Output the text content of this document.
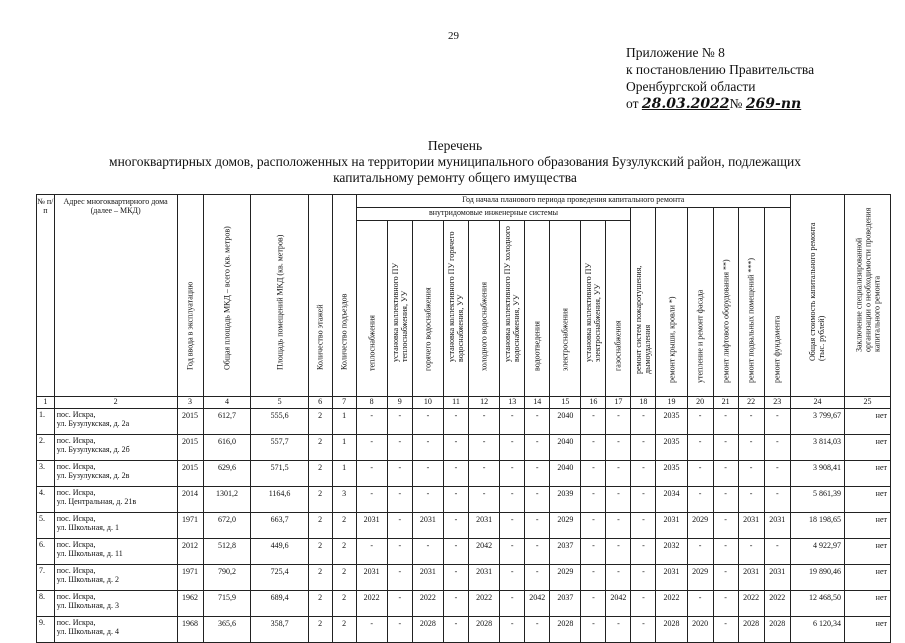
29
Приложение № 8
к постановлению Правительства
Оренбургской области
от 28.03.2022№ 269-пп
Перечень
многоквартирных домов, расположенных на территории муниципального образования Бузулукский район, подлежащих
капитальному ремонту общего имущества
№ п/п	Адрес многоквартирного дома (далее – МКД)	Год ввода в эксплуатацию	Общая площадь МКД – всего (кв. метров)	Площадь помещений МКД (кв. метров)	Количество этажей	Количество подъездов	Год начала планового периода проведения капитального ремонта																Общая стоимость капитального ремонта (тыс. рублей)	Заключение специализированной организации о необходимости проведения капитального ремонта

							внутридомовые инженерные системы										ремонт систем пожаротушения, дымоудаления	ремонт крыши, кровли *)	утепление и ремонт фасада	ремонт лифтового оборудования **)	ремонт подвальных помещений ***)	ремонт фундамента		

							теплоснабжения	установка коллективного ПУ теплоснабжения, УУ	горячего водоснабжения	установка коллективного ПУ горячего водоснабжения, УУ	холодного водоснабжения	установка коллективного ПУ холодного водоснабжения, УУ	водоотведения	электроснабжения	установка коллективного ПУ электроснабжения, УУ	газоснабжения								

1	2	3	4	5	6	7	8	9	10	11	12	13	14	15	16	17	18	19	20	21	22	23	24	25
1.	пос. Искра,
ул. Бузулукская, д. 2а	2015	612,7	555,6	2	1	-	-	-	-	-	-	-	2040	-	-	-	2035	-	-	-	-	3 799,67	нет
2.	пос. Искра,
ул. Бузулукская, д. 2б	2015	616,0	557,7	2	1	-	-	-	-	-	-	-	2040	-	-	-	2035	-	-	-	-	3 814,03	нет
3.	пос. Искра,
ул. Бузулукская, д. 2в	2015	629,6	571,5	2	1	-	-	-	-	-	-	-	2040	-	-	-	2035	-	-	-	-	3 908,41	нет
4.	пос. Искра,
ул. Центральная, д. 21в	2014	1301,2	1164,6	2	3	-	-	-	-	-	-	-	2039	-	-	-	2034	-	-	-	-	5 861,39	нет
5.	пос. Искра,
ул. Школьная, д. 1	1971	672,0	663,7	2	2	2031	-	2031	-	2031	-	-	2029	-	-	-	2031	2029	-	2031	2031	18 198,65	нет
6.	пос. Искра,
ул. Школьная, д. 11	2012	512,8	449,6	2	2	-	-	-	-	2042	-	-	2037	-	-	-	2032	-	-	-	-	4 922,97	нет
7.	пос. Искра,
ул. Школьная, д. 2	1971	790,2	725,4	2	2	2031	-	2031	-	2031	-	-	2029	-	-	-	2031	2029	-	2031	2031	19 890,46	нет
8.	пос. Искра,
ул. Школьная, д. 3	1962	715,9	689,4	2	2	2022	-	2022	-	2022	-	2042	2037	-	2042	-	2022	-	-	2022	2022	12 468,50	нет
9.	пос. Искра,
ул. Школьная, д. 4	1968	365,6	358,7	2	2	-	-	2028	-	2028	-	-	2028	-	-	-	2028	2020	-	2028	2028	6 120,34	нет
